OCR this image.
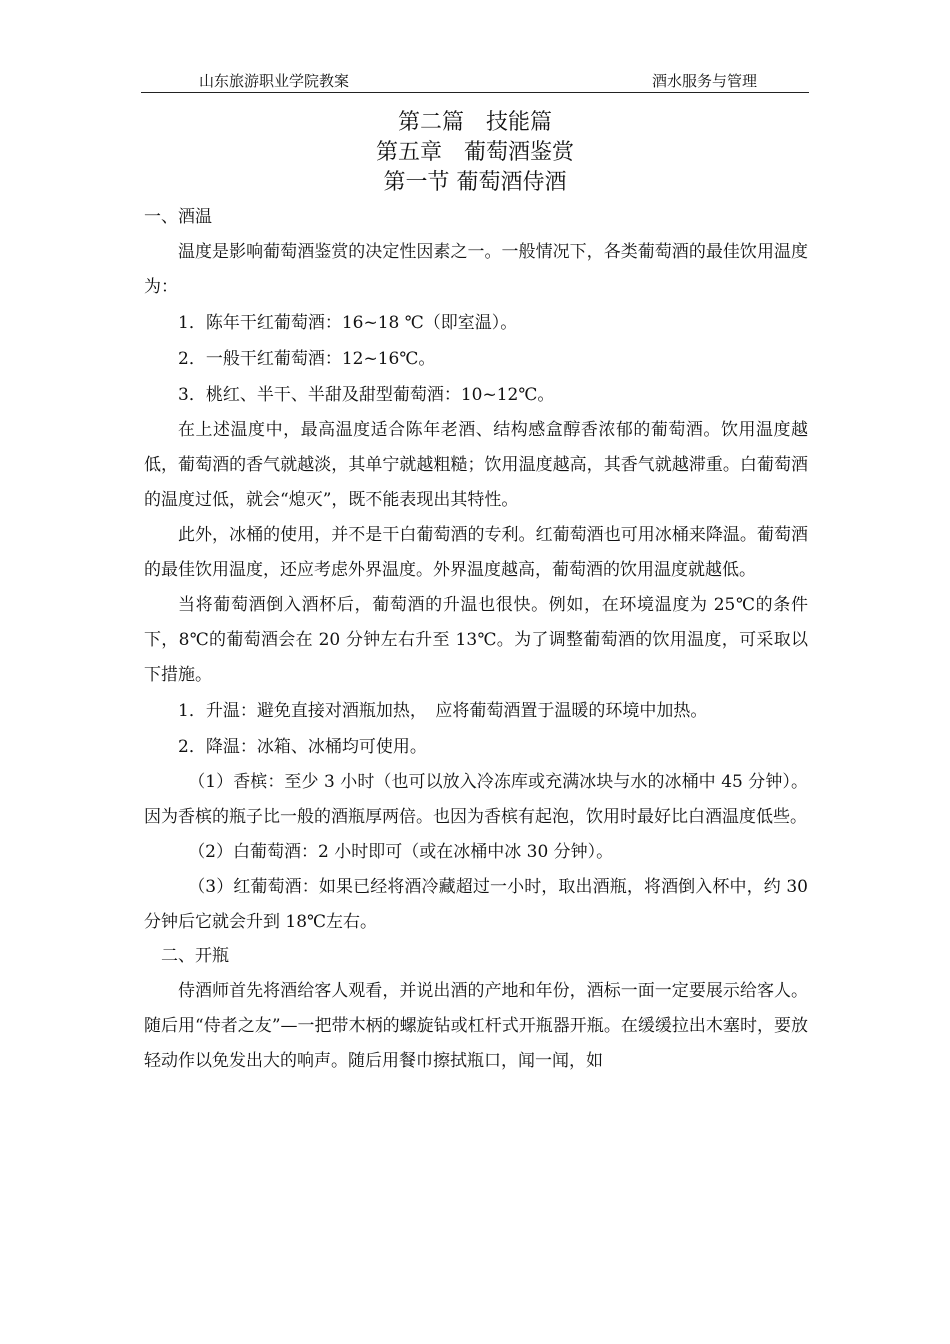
山东旅游职业学院教案	酒水服务与管理
第二篇　技能篇
第五章　葡萄酒鉴赏
第一节 葡萄酒侍酒
一、酒温
温度是影响葡萄酒鉴赏的决定性因素之一。一般情况下，各类葡萄酒的最佳饮用温度为：
1．陈年干红葡萄酒：16~18 ℃（即室温）。
2．一般干红葡萄酒：12~16℃。
3．桃红、半干、半甜及甜型葡萄酒：10~12℃。
在上述温度中，最高温度适合陈年老酒、结构感盒醇香浓郁的葡萄酒。饮用温度越低，葡萄酒的香气就越淡，其单宁就越粗糙；饮用温度越高，其香气就越滞重。白葡萄酒的温度过低，就会“熄灭”，既不能表现出其特性。
此外，冰桶的使用，并不是干白葡萄酒的专利。红葡萄酒也可用冰桶来降温。葡萄酒的最佳饮用温度，还应考虑外界温度。外界温度越高，葡萄酒的饮用温度就越低。
当将葡萄酒倒入酒杯后，葡萄酒的升温也很快。例如，在环境温度为 25℃的条件下，8℃的葡萄酒会在 20 分钟左右升至 13℃。为了调整葡萄酒的饮用温度，可采取以下措施。
1．升温：避免直接对酒瓶加热，　应将葡萄酒置于温暖的环境中加热。
2．降温：冰箱、冰桶均可使用。
（1）香槟：至少 3 小时（也可以放入冷冻库或充满冰块与水的冰桶中 45 分钟）。因为香槟的瓶子比一般的酒瓶厚两倍。也因为香槟有起泡，饮用时最好比白酒温度低些。
（2）白葡萄酒：2 小时即可（或在冰桶中冰 30 分钟）。
（3）红葡萄酒：如果已经将酒冷藏超过一小时，取出酒瓶，将酒倒入杯中，约 30 分钟后它就会升到 18℃左右。
二、开瓶
侍酒师首先将酒给客人观看，并说出酒的产地和年份，酒标一面一定要展示给客人。随后用“侍者之友”—一把带木柄的螺旋钻或杠杆式开瓶器开瓶。在缓缓拉出木塞时，要放轻动作以免发出大的响声。随后用餐巾擦拭瓶口，闻一闻，如
